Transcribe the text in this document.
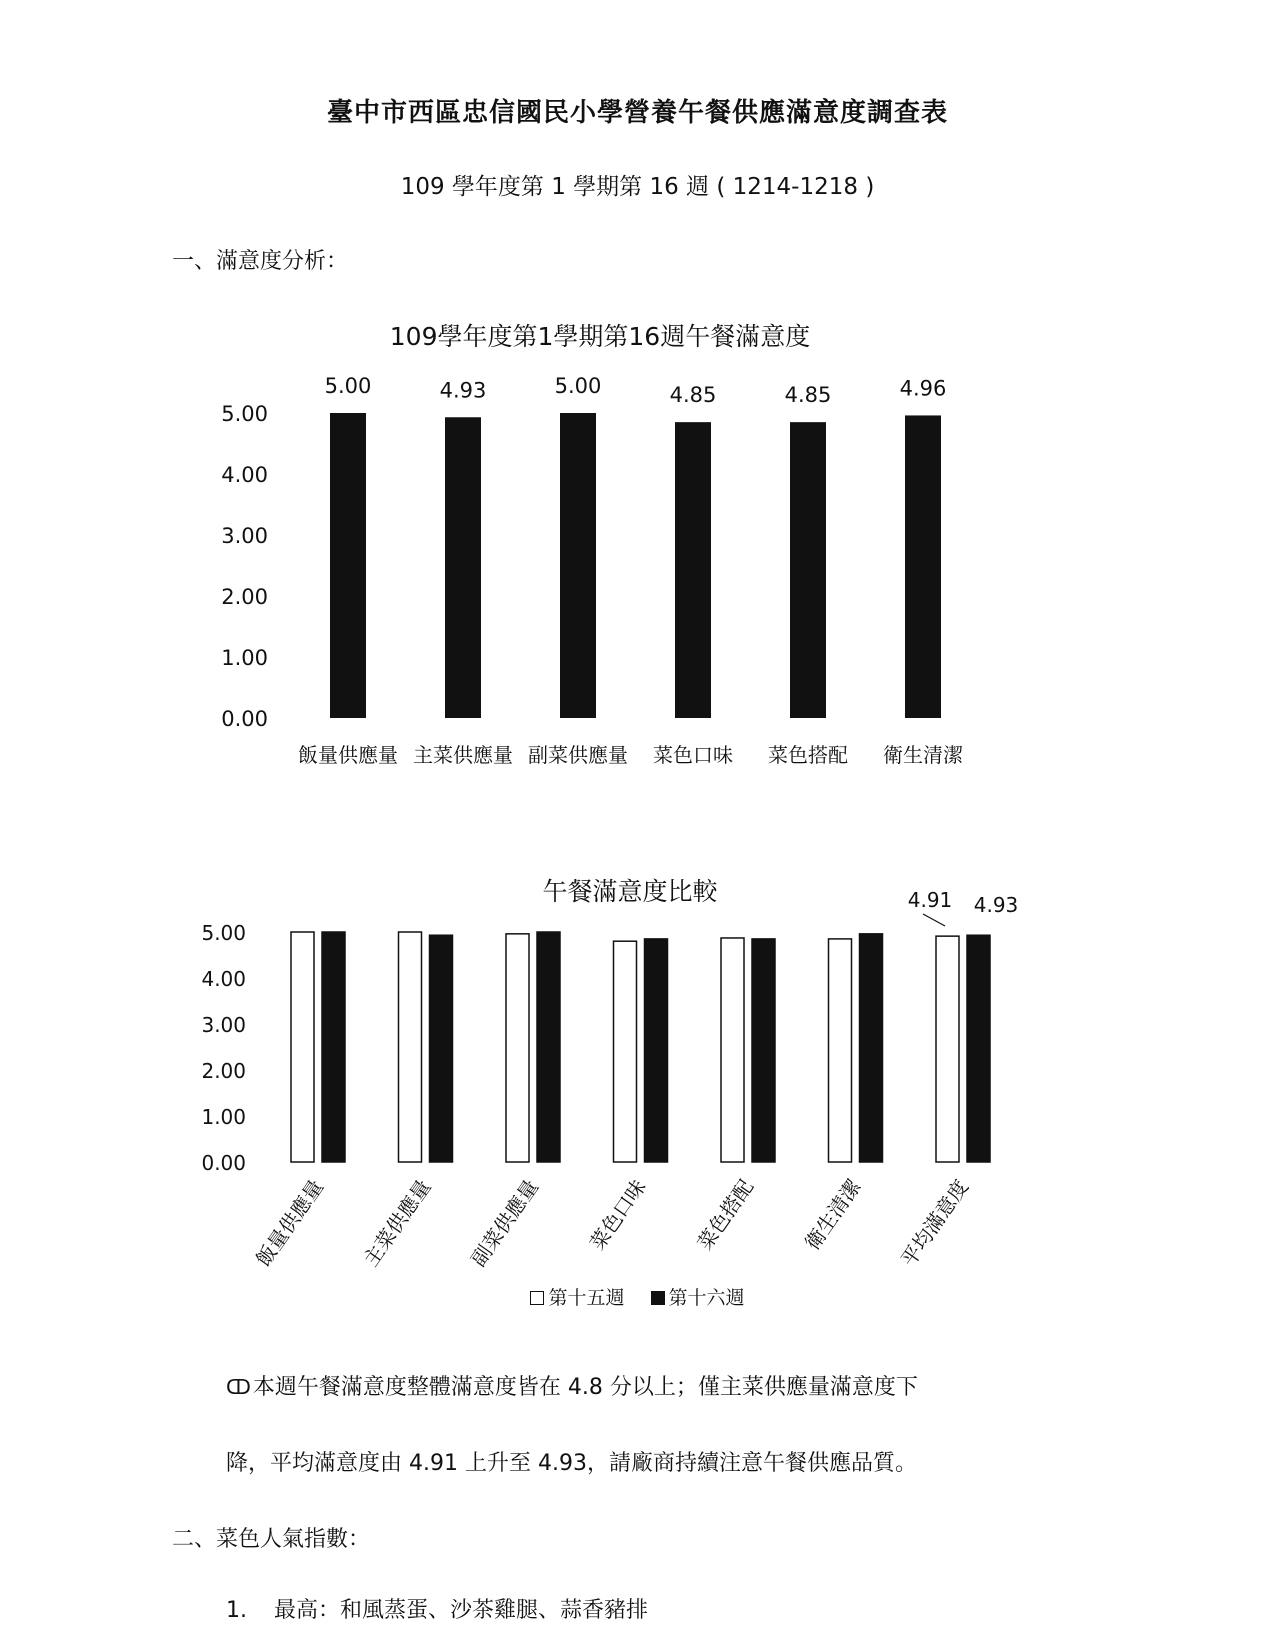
臺中市西區忠信國民小學營養午餐供應滿意度調查表
109 學年度第 1 學期第 16 週 ( 1214-1218 )
一、滿意度分析：
109學年度第1學期第16週午餐滿意度
0.00
1.00
2.00
3.00
4.00
5.00
5.00	4.93	5.00	4.85	4.85	4.96
飯量供應量 主菜供應量 副菜供應量 菜色口味 菜色搭配 衛生清潔
午餐滿意度比較
0.00
1.00
2.00
3.00
4.00
5.00
4.91 4.93
飯量供應量 主菜供應量 副菜供應量 菜色口味 菜色搭配 衛生清潔 平均滿意度
第十五週 第十六週
ↀ本週午餐滿意度整體滿意度皆在 4.8 分以上；僅主菜供應量滿意度下
降，平均滿意度由 4.91 上升至 4.93，請廠商持續注意午餐供應品質。
二、菜色人氣指數：
1. 最高：和風蒸蛋、沙茶雞腿、蒜香豬排
